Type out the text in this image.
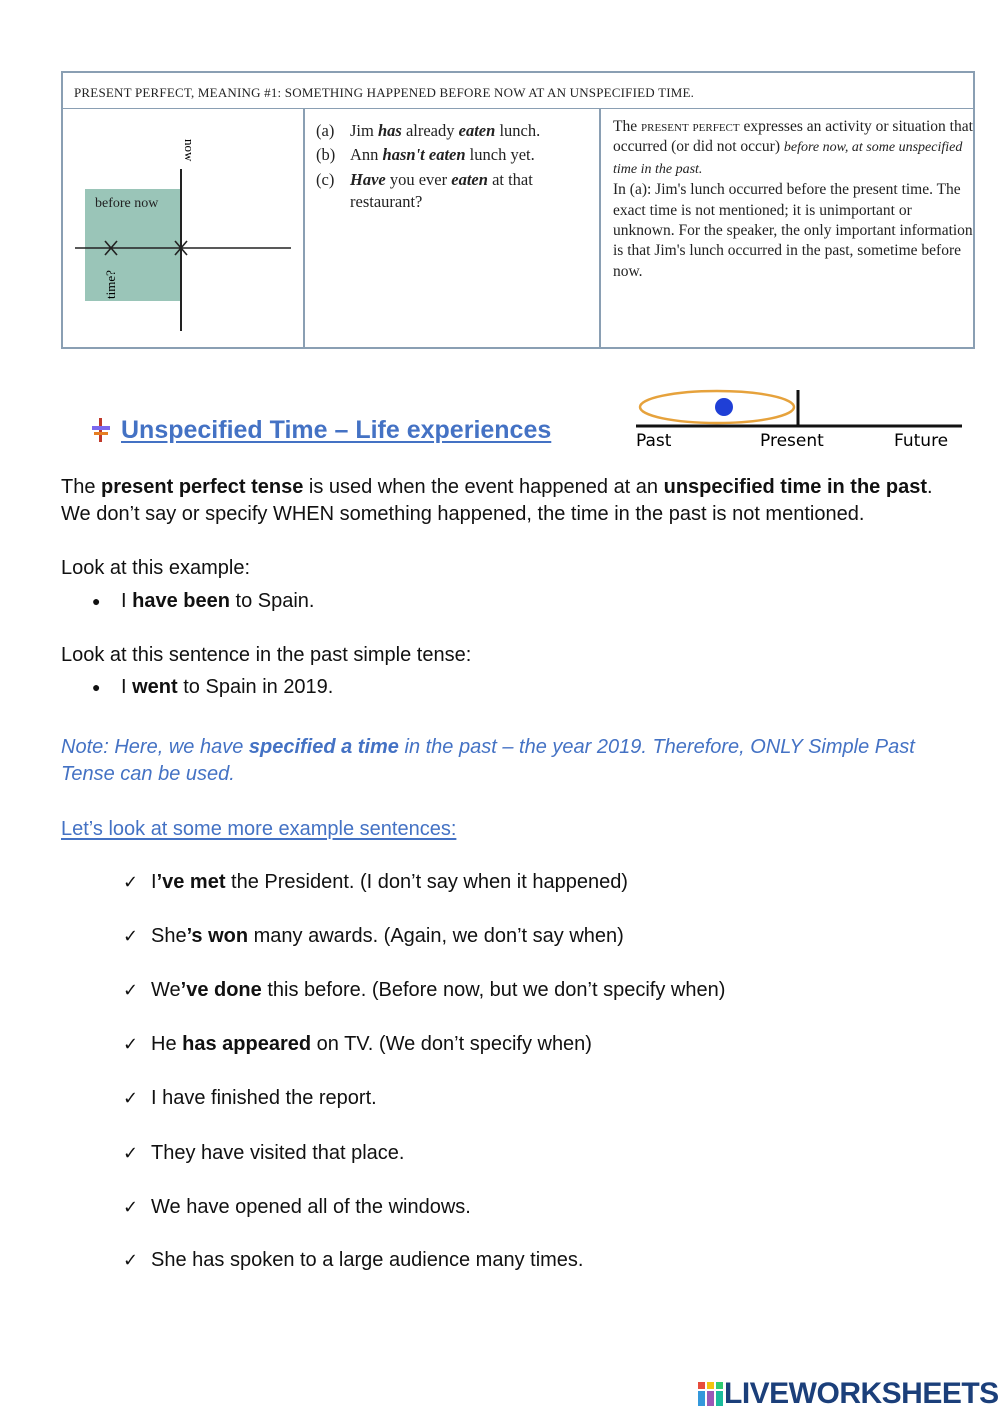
PRESENT PERFECT, MEANING #1: SOMETHING HAPPENED BEFORE NOW AT AN UNSPECIFIED TIME.
now
before now
time?
(a) Jim has already eaten lunch.
(b) Ann hasn't eaten lunch yet.
(c) Have you ever eaten at that
restaurant?
The present perfect expresses an activity or situation that occurred (or did not occur) before now, at some unspecified time in the past.
In (a): Jim's lunch occurred before the present time. The exact time is not mentioned; it is unimportant or unknown. For the speaker, the only important information is that Jim's lunch occurred in the past, sometime before now.
Unspecified Time – Life experiences	Past	Present	Future
The present perfect tense is used when the event happened at an unspecified time in the past. We don’t say or specify WHEN something happened, the time in the past is not mentioned.
Look at this example:
● I have been to Spain.
Look at this sentence in the past simple tense:
● I went to Spain in 2019.
Note: Here, we have specified a time in the past – the year 2019. Therefore, ONLY Simple Past Tense can be used.
Let’s look at some more example sentences:
✓ I’ve met the President. (I don’t say when it happened)
✓ She’s won many awards. (Again, we don’t say when)
✓ We’ve done this before. (Before now, but we don’t specify when)
✓ He has appeared on TV. (We don’t specify when)
✓ I have finished the report.
✓ They have visited that place.
✓ We have opened all of the windows.
✓ She has spoken to a large audience many times.
LIVEWORKSHEETS
